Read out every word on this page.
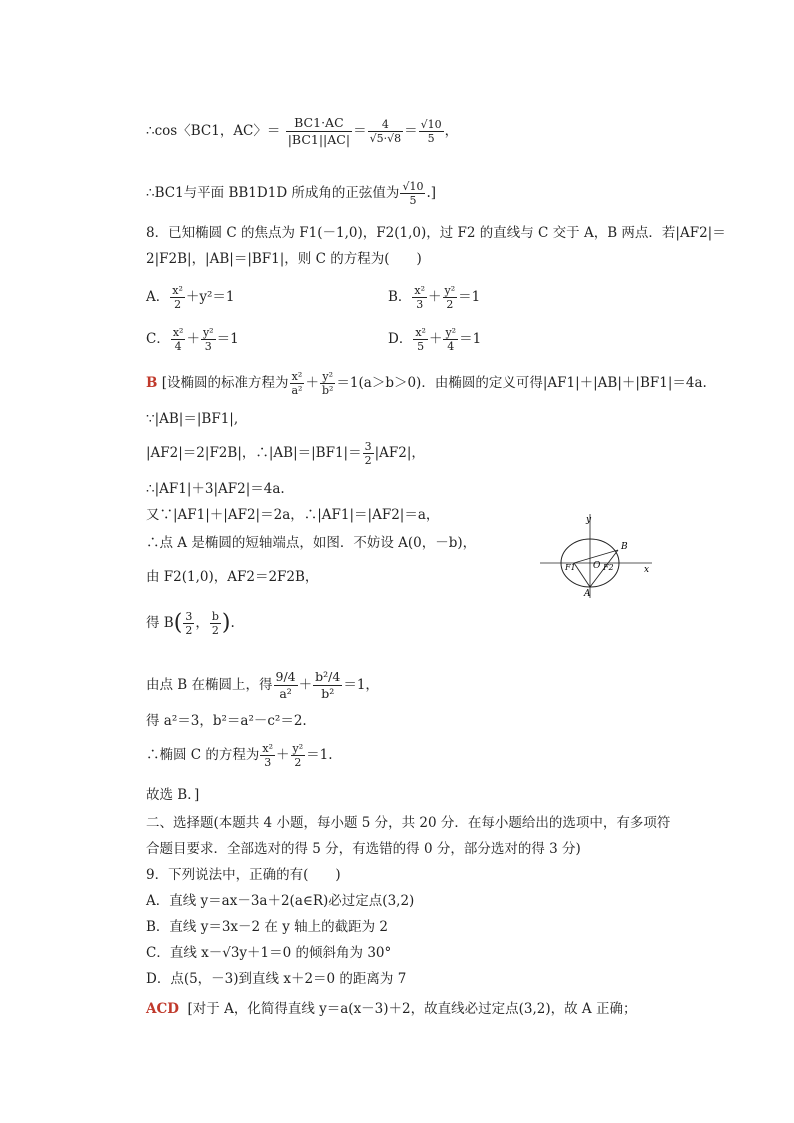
∴cos〈BC1，AC〉＝ $\frac{BC1\cdot AC}{|BC1||AC|} = \frac{4}{√5\cdot√8} = \frac{√10}{5}$ ，
∴BC1与平面 BB1D1D 所成角的正弦值为 $\frac{√10}{5}$ .]
8．已知椭圆 C 的焦点为 F1(－1,0)，F2(1,0)，过 F2 的直线与 C 交于 A，B 两点．若|AF2|＝
2|F2B|，|AB|＝|BF1|，则 C 的方程为(　　)
A． $\frac{\text{x²}}{2} +y^2=1$	B． $\frac{\text{x²}}{3} + \frac{\text{y²}}{2} =1$
C． $\frac{\text{x²}}{4} + \frac{\text{y²}}{3} =1$	D． $\frac{\text{x²}}{5} + \frac{\text{y²}}{4} =1$
B [设椭圆的标准方程为 $\frac{\text{x²}}{\text{a²}} + \frac{\text{y²}}{\text{b²}} =1(a>b>0)$．由椭圆的定义可得|AF1|＋|AB|＋|BF1|＝4a.
∵|AB|＝|BF1|,
|AF2|＝2|F2B|，∴|AB|＝|BF1|＝ $\frac{3}{2} |AF2|$，
∴|AF1|＋3|AF2|＝4a.
又∵|AF1|＋|AF2|＝2a，∴|AF1|＝|AF2|＝a，
∴点 A 是椭圆的短轴端点，如图．不妨设 A(0，－b)，
由 F2(1,0)，AF2＝2F2B，
得 $B( \frac{3}{2}$ ， $\frac{b}{2}$ ).
由点 B 在椭圆上，得 $\frac{9/4}{\text{a²}} + \frac{\text{b²/4}}{\text{b²}} =1$，
得 a²＝3，b²＝a²－c²＝2.
∴椭圆 C 的方程为 $\frac{\text{x²}}{3} + \frac{\text{y²}}{2} =1$.
故选 B．]
y
x
B
O
F1	F2
A
二、选择题(本题共 4 小题，每小题 5 分，共 20 分．在每小题给出的选项中，有多项符
合题目要求．全部选对的得 5 分，有选错的得 0 分，部分选对的得 3 分)
9．下列说法中，正确的有(　　)
A．直线 y＝ax－3a＋2(a∈R)必过定点(3,2)
B．直线 y＝3x－2 在 y 轴上的截距为 2
C．直线 x－√3y＋1＝0 的倾斜角为 30°
D．点(5，－3)到直线 x＋2＝0 的距离为 7
ACD [对于 A，化简得直线 y＝a(x－3)＋2，故直线必过定点(3,2)，故 A 正确；
